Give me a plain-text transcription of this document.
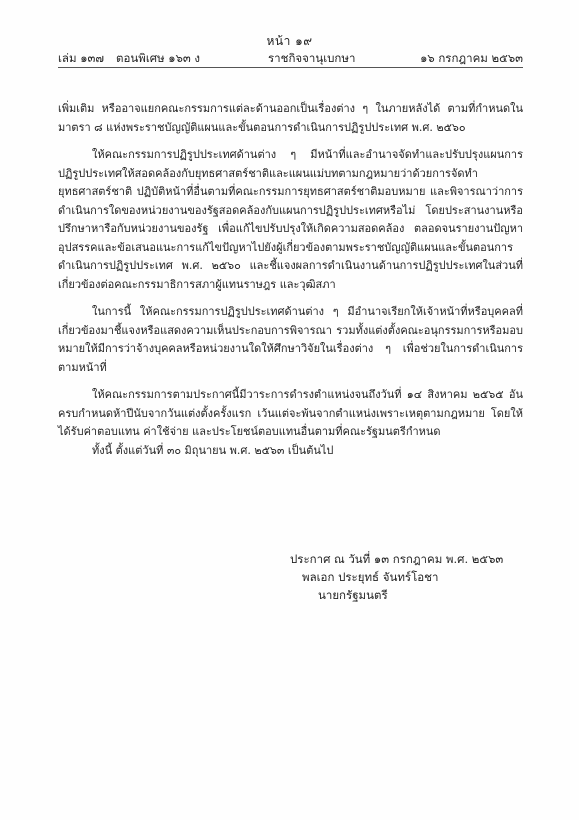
หน้า ๑๙
เล่ม ๑๓๗ ตอนพิเศษ ๑๖๓ ง	ราชกิจจานุเบกษา	๑๖ กรกฎาคม ๒๕๖๓

เพิ่มเติม หรืออาจแยกคณะกรรมการแต่ละด้านออกเป็นเรื่องต่าง ๆ ในภายหลังได้ ตามที่กำหนดในมาตรา ๘ แห่งพระราชบัญญัติแผนและขั้นตอนการดำเนินการปฏิรูปประเทศ พ.ศ. ๒๕๖๐

ให้คณะกรรมการปฏิรูปประเทศด้านต่าง ๆ มีหน้าที่และอำนาจจัดทำและปรับปรุงแผนการปฏิรูปประเทศให้สอดคล้องกับยุทธศาสตร์ชาติและแผนแม่บทตามกฎหมายว่าด้วยการจัดทำยุทธศาสตร์ชาติ ปฏิบัติหน้าที่อื่นตามที่คณะกรรมการยุทธศาสตร์ชาติมอบหมาย และพิจารณาว่าการดำเนินการใดของหน่วยงานของรัฐสอดคล้องกับแผนการปฏิรูปประเทศหรือไม่ โดยประสานงานหรือปรึกษาหารือกับหน่วยงานของรัฐ เพื่อแก้ไขปรับปรุงให้เกิดความสอดคล้อง ตลอดจนรายงานปัญหา อุปสรรคและข้อเสนอแนะการแก้ไขปัญหาไปยังผู้เกี่ยวข้องตามพระราชบัญญัติแผนและขั้นตอนการดำเนินการปฏิรูปประเทศ พ.ศ. ๒๕๖๐ และชี้แจงผลการดำเนินงานด้านการปฏิรูปประเทศในส่วนที่เกี่ยวข้องต่อคณะกรรมาธิการสภาผู้แทนราษฎร และวุฒิสภา

ในการนี้ ให้คณะกรรมการปฏิรูปประเทศด้านต่าง ๆ มีอำนาจเรียกให้เจ้าหน้าที่หรือบุคคลที่เกี่ยวข้องมาชี้แจงหรือแสดงความเห็นประกอบการพิจารณา รวมทั้งแต่งตั้งคณะอนุกรรมการหรือมอบหมายให้มีการว่าจ้างบุคคลหรือหน่วยงานใดให้ศึกษาวิจัยในเรื่องต่าง ๆ เพื่อช่วยในการดำเนินการตามหน้าที่

ให้คณะกรรมการตามประกาศนี้มีวาระการดำรงตำแหน่งจนถึงวันที่ ๑๔ สิงหาคม ๒๕๖๕ อันครบกำหนดห้าปีนับจากวันแต่งตั้งครั้งแรก เว้นแต่จะพ้นจากตำแหน่งเพราะเหตุตามกฎหมาย โดยให้ได้รับค่าตอบแทน ค่าใช้จ่าย และประโยชน์ตอบแทนอื่นตามที่คณะรัฐมนตรีกำหนด

ทั้งนี้ ตั้งแต่วันที่ ๓๐ มิถุนายน พ.ศ. ๒๕๖๓ เป็นต้นไป

ประกาศ ณ วันที่ ๑๓ กรกฎาคม พ.ศ. ๒๕๖๓
พลเอก ประยุทธ์ จันทร์โอชา
นายกรัฐมนตรี
